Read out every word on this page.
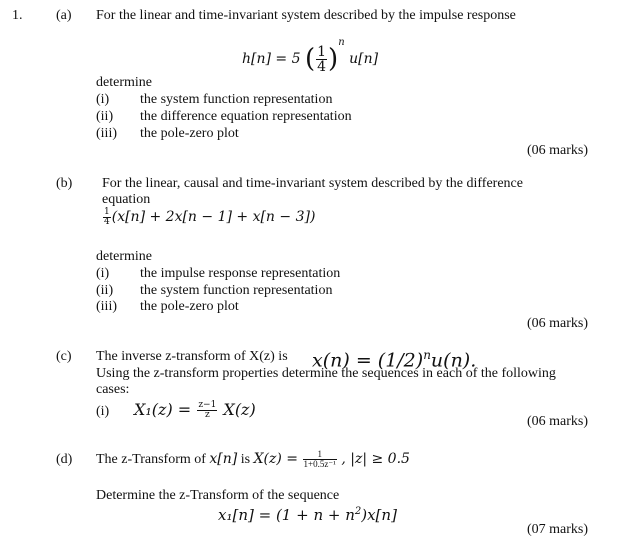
1. (a) For the linear and time-invariant system described by the impulse response
h[n] = 5 ( $\frac{1}{4} )^n$ u[n]
determine
(i) the system function representation
(ii) the difference equation representation
(iii) the pole-zero plot
(06 marks)
(b) For the linear, causal and time-invariant system described by the difference
equation
$\frac{1}{4} (x[n] + 2x[n - 1] + x[n - 3])$
determine
(i) the impulse response representation
(ii) the system function representation
(iii) the pole-zero plot
(06 marks)
(c) The inverse z-transform of X(z) is $x(n) = (1/2)^nu(n)$.
Using the z-transform properties determine the sequences in each of the following
cases:
(i) $X_1(z) = \frac{z-1}{z} X(z)$
(06 marks)
(d) The z-Transform of x[n] is $X(z) = \frac{1}{\text{1+0.5z⁻¹}}$ , |z| ≥ 0.5
Determine the z-Transform of the sequence
$x_1[n] = (1 + n + n^2)x[n]$
(07 marks)
